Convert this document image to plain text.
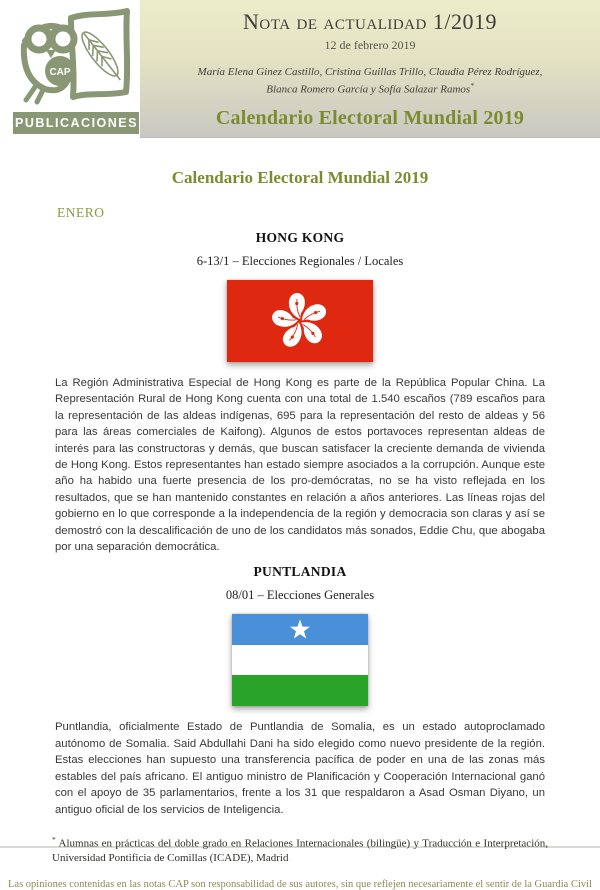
CAP
PUBLICACIONES
Nota de actualidad 1/2019
12 de febrero 2019
María Elena Ginez Castillo, Cristina Guillas Trillo, Claudia Pérez Rodríguez,
Blanca Romero García y Sofía Salazar Ramos*
Calendario Electoral Mundial 2019
Calendario Electoral Mundial 2019
ENERO
HONG KONG
6-13/1 – Elecciones Regionales / Locales
La Región Administrativa Especial de Hong Kong es parte de la República Popular China. La Representación Rural de Hong Kong cuenta con una total de 1.540 escaños (789 escaños para la representación de las aldeas indígenas, 695 para la representación del resto de aldeas y 56 para las áreas comerciales de Kaifong). Algunos de estos portavoces representan aldeas de interés para las constructoras y demás, que buscan satisfacer la creciente demanda de vivienda de Hong Kong. Estos representantes han estado siempre asociados a la corrupción. Aunque este año ha habido una fuerte presencia de los pro-demócratas, no se ha visto reflejada en los resultados, que se han mantenido constantes en relación a años anteriores. Las líneas rojas del gobierno en lo que corresponde a la independencia de la región y democracia son claras y así se demostró con la descalificación de uno de los candidatos más sonados, Eddie Chu, que abogaba por una separación democrática.
PUNTLANDIA
08/01 – Elecciones Generales
Puntlandia, oficialmente Estado de Puntlandia de Somalia, es un estado autoproclamado autónomo de Somalia. Said Abdullahi Dani ha sido elegido como nuevo presidente de la región. Estas elecciones han supuesto una transferencia pacífica de poder en una de las zonas más estables del país africano. El antiguo ministro de Planificación y Cooperación Internacional ganó con el apoyo de 35 parlamentarios, frente a los 31 que respaldaron a Asad Osman Diyano, un antiguo oficial de los servicios de Inteligencia.
* Alumnas en prácticas del doble grado en Relaciones Internacionales (bilingüe) y Traducción e Interpretación, Universidad Pontificia de Comillas (ICADE), Madrid
Las opiniones contenidas en las notas CAP son responsabilidad de sus autores, sin que reflejen necesariamente el sentir de la Guardia Civil
